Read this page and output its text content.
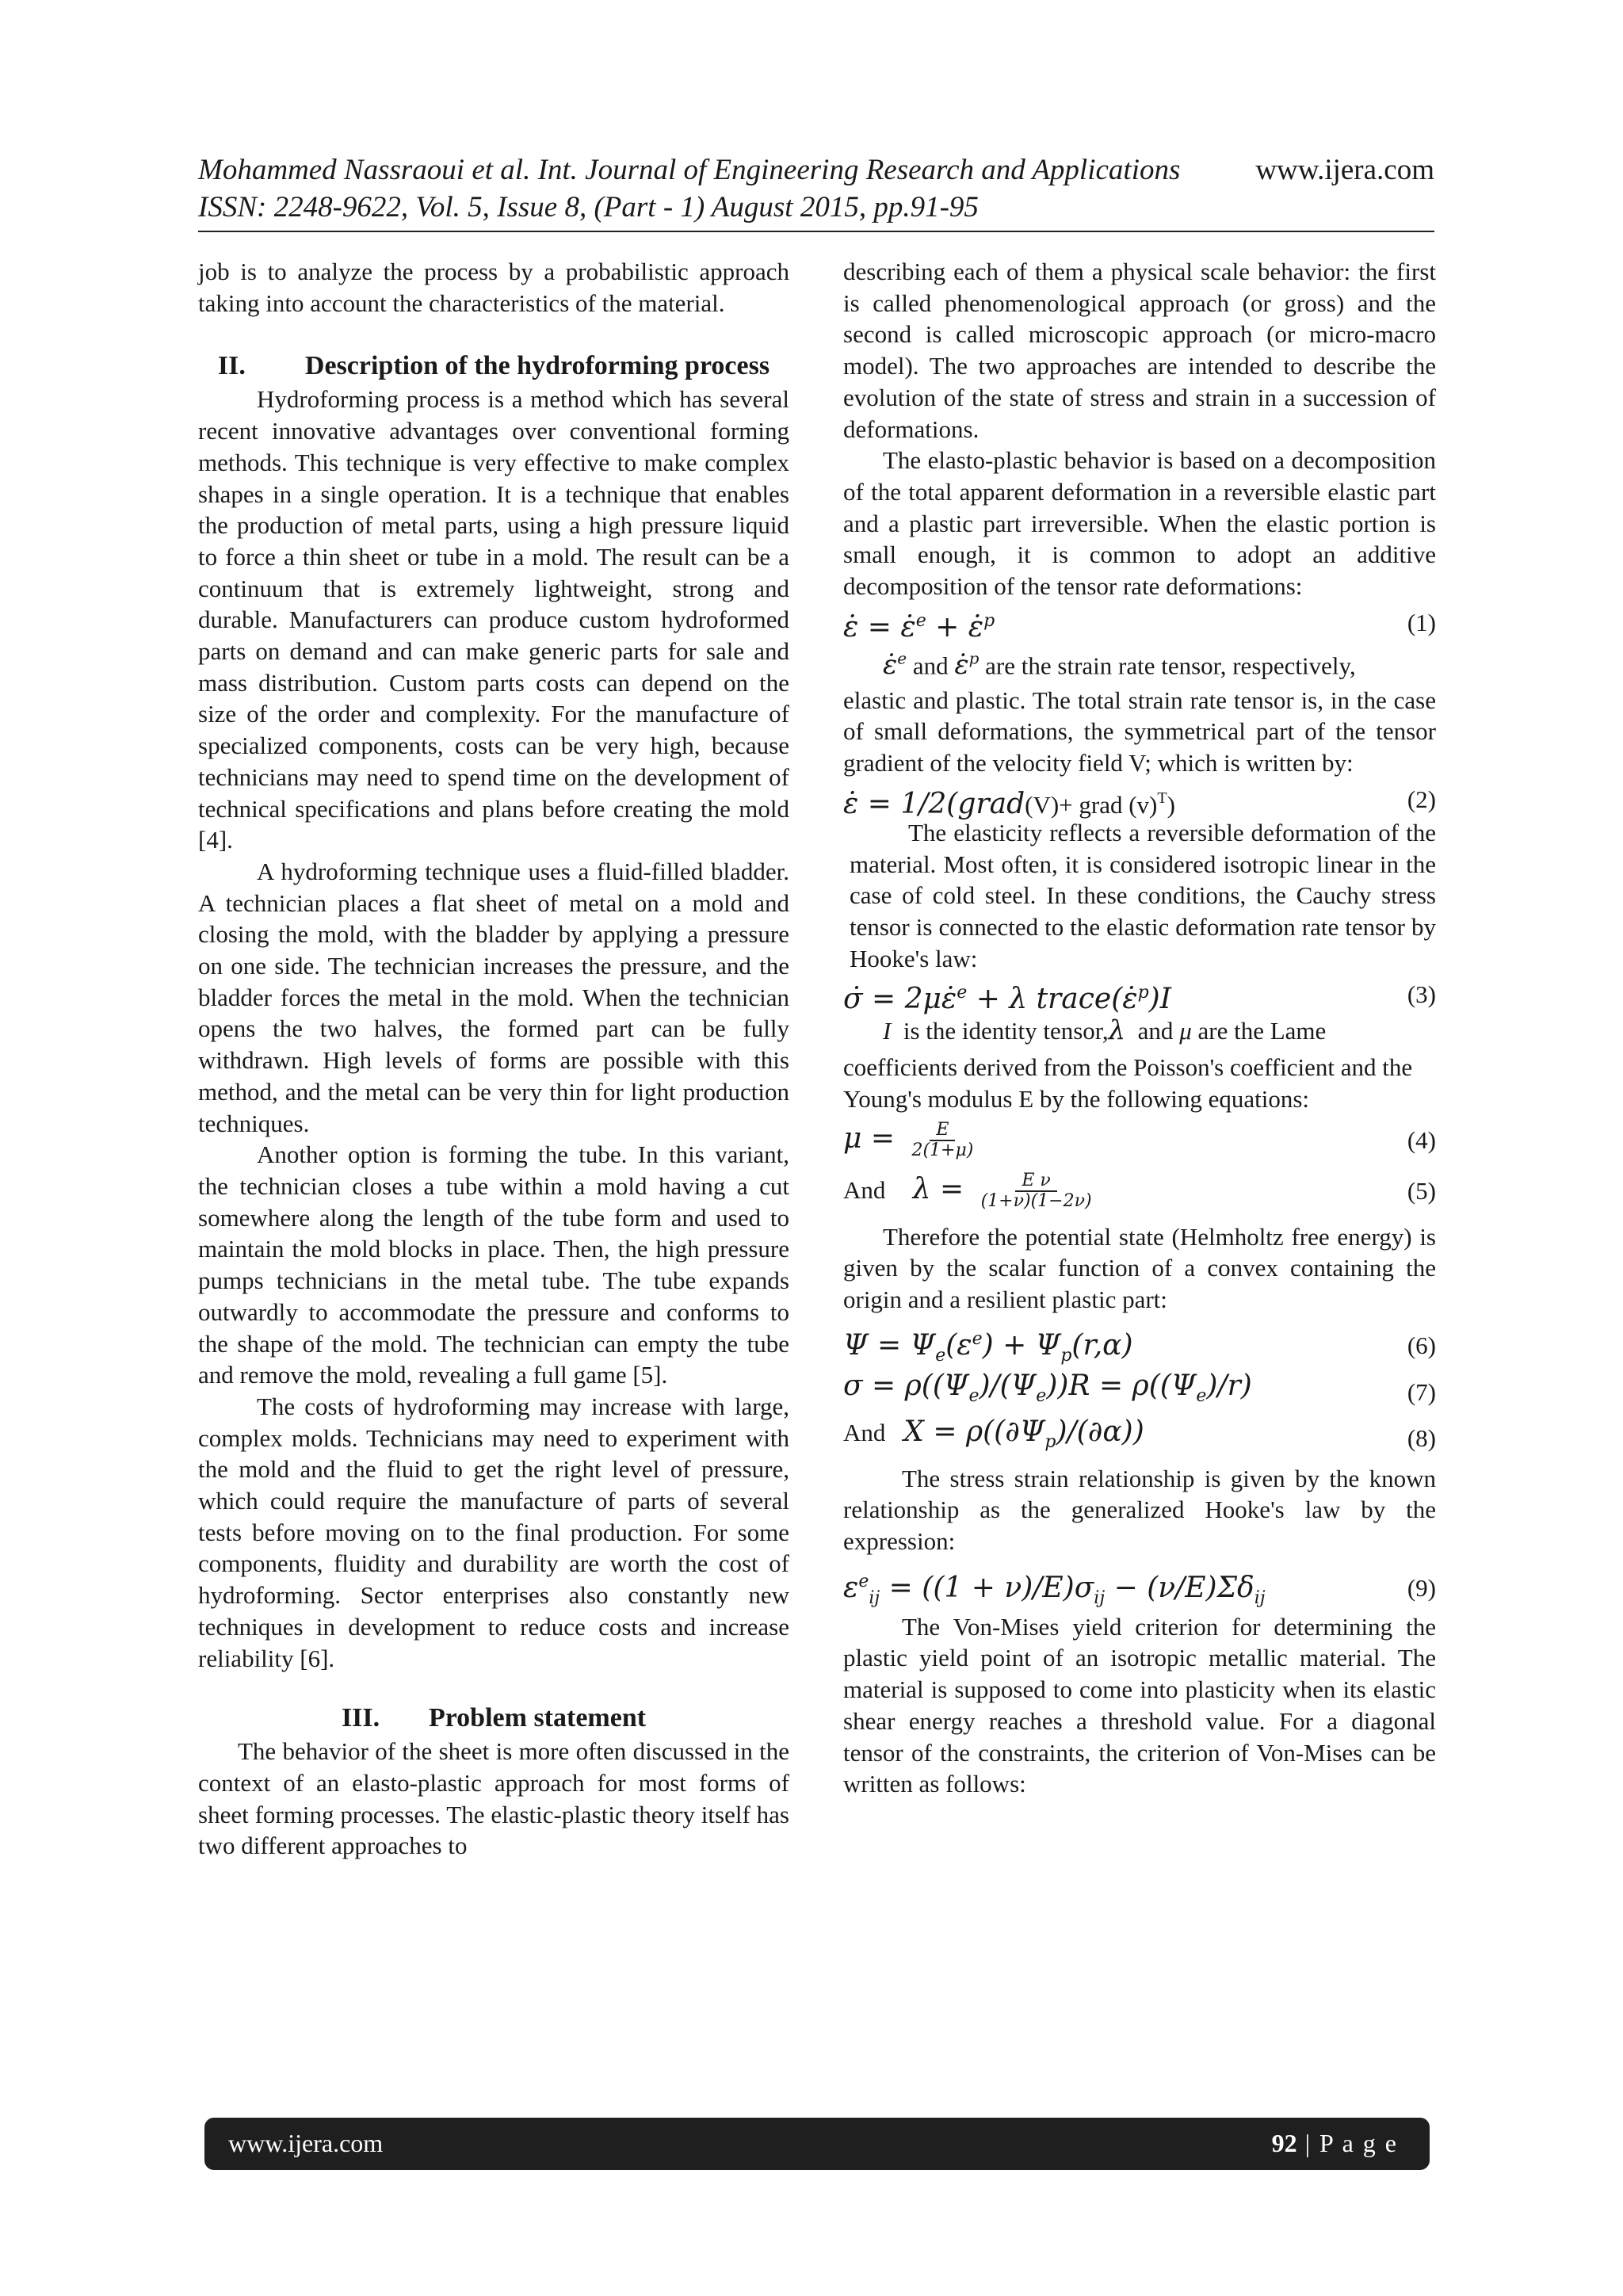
Mohammed Nassraoui et al. Int. Journal of Engineering Research and Applications	www.ijera.com
ISSN: 2248-9622, Vol. 5, Issue 8, (Part - 1) August 2015, pp.91-95

job is to analyze the process by a probabilistic approach taking into account the characteristics of the material.

II. Description of the hydroforming process

Hydroforming process is a method which has several recent innovative advantages over conventional forming methods. This technique is very effective to make complex shapes in a single operation. It is a technique that enables the production of metal parts, using a high pressure liquid to force a thin sheet or tube in a mold. The result can be a continuum that is extremely lightweight, strong and durable. Manufacturers can produce custom hydroformed parts on demand and can make generic parts for sale and mass distribution. Custom parts costs can depend on the size of the order and complexity. For the manufacture of specialized components, costs can be very high, because technicians may need to spend time on the development of technical specifications and plans before creating the mold [4].

A hydroforming technique uses a fluid-filled bladder. A technician places a flat sheet of metal on a mold and closing the mold, with the bladder by applying a pressure on one side. The technician increases the pressure, and the bladder forces the metal in the mold. When the technician opens the two halves, the formed part can be fully withdrawn. High levels of forms are possible with this method, and the metal can be very thin for light production techniques.

Another option is forming the tube. In this variant, the technician closes a tube within a mold having a cut somewhere along the length of the tube form and used to maintain the mold blocks in place. Then, the high pressure pumps technicians in the metal tube. The tube expands outwardly to accommodate the pressure and conforms to the shape of the mold. The technician can empty the tube and remove the mold, revealing a full game [5].

The costs of hydroforming may increase with large, complex molds. Technicians may need to experiment with the mold and the fluid to get the right level of pressure, which could require the manufacture of parts of several tests before moving on to the final production. For some components, fluidity and durability are worth the cost of hydroforming. Sector enterprises also constantly new techniques in development to reduce costs and increase reliability [6].

III. Problem statement

The behavior of the sheet is more often discussed in the context of an elasto-plastic approach for most forms of sheet forming processes. The elastic-plastic theory itself has two different approaches to

describing each of them a physical scale behavior: the first is called phenomenological approach (or gross) and the second is called microscopic approach (or micro-macro model). The two approaches are intended to describe the evolution of the state of stress and strain in a succession of deformations.

The elasto-plastic behavior is based on a decomposition of the total apparent deformation in a reversible elastic part and a plastic part irreversible. When the elastic portion is small enough, it is common to adopt an additive decomposition of the tensor rate deformations:

ε̇ = ε̇$^e$ + ε̇$^p$	(1)

ε̇$^e$ and ε̇$^p$ are the strain rate tensor, respectively,

elastic and plastic. The total strain rate tensor is, in the case of small deformations, the symmetrical part of the tensor gradient of the velocity field V; which is written by:

ε̇ = 1/2(grad(V)+ grad $(v)^T$)	(2)

The elasticity reflects a reversible deformation of the material. Most often, it is considered isotropic linear in the case of cold steel. In these conditions, the Cauchy stress tensor is connected to the elastic deformation rate tensor by Hooke's law:

σ̇ = 2με̇$^e$ + λ trace(ε̇$^p$)I	(3)

I is the identity tensor,λ and μ are the Lame

coefficients derived from the Poisson's coefficient and the Young's modulus E by the following equations:

$\mu = \frac{E}{2(1+\mu)}$	(4)
And   $\lambda = \frac{\text{E ν}}{(1+\nu)(1-2\nu)}$	(5)

Therefore the potential state (Helmholtz free energy) is given by the scalar function of a convex containing the origin and a resilient plastic part:

$\Psi = \Psi_e(\varepsilon^e) + \Psi_p(r,\alpha)$	(6)
$\sigma = \rho((\Psi_e)/(\Psi_e))R = \rho((\Psi_e)/r)$	(7)
And  $X = \rho((\partial\Psi_p)/(\partial\alpha))$	(8)

The stress strain relationship is given by the known relationship as the generalized Hooke's law by the expression:

$\varepsilon^e_{ij} = ((1 + \nu)/E)\sigma_{ij} - (\nu/E)\Sigma\delta_{ij}$	(9)

The Von-Mises yield criterion for determining the plastic yield point of an isotropic metallic material. The material is supposed to come into plasticity when its elastic shear energy reaches a threshold value. For a diagonal tensor of the constraints, the criterion of Von-Mises can be written as follows:

www.ijera.com	92 | P a g e
